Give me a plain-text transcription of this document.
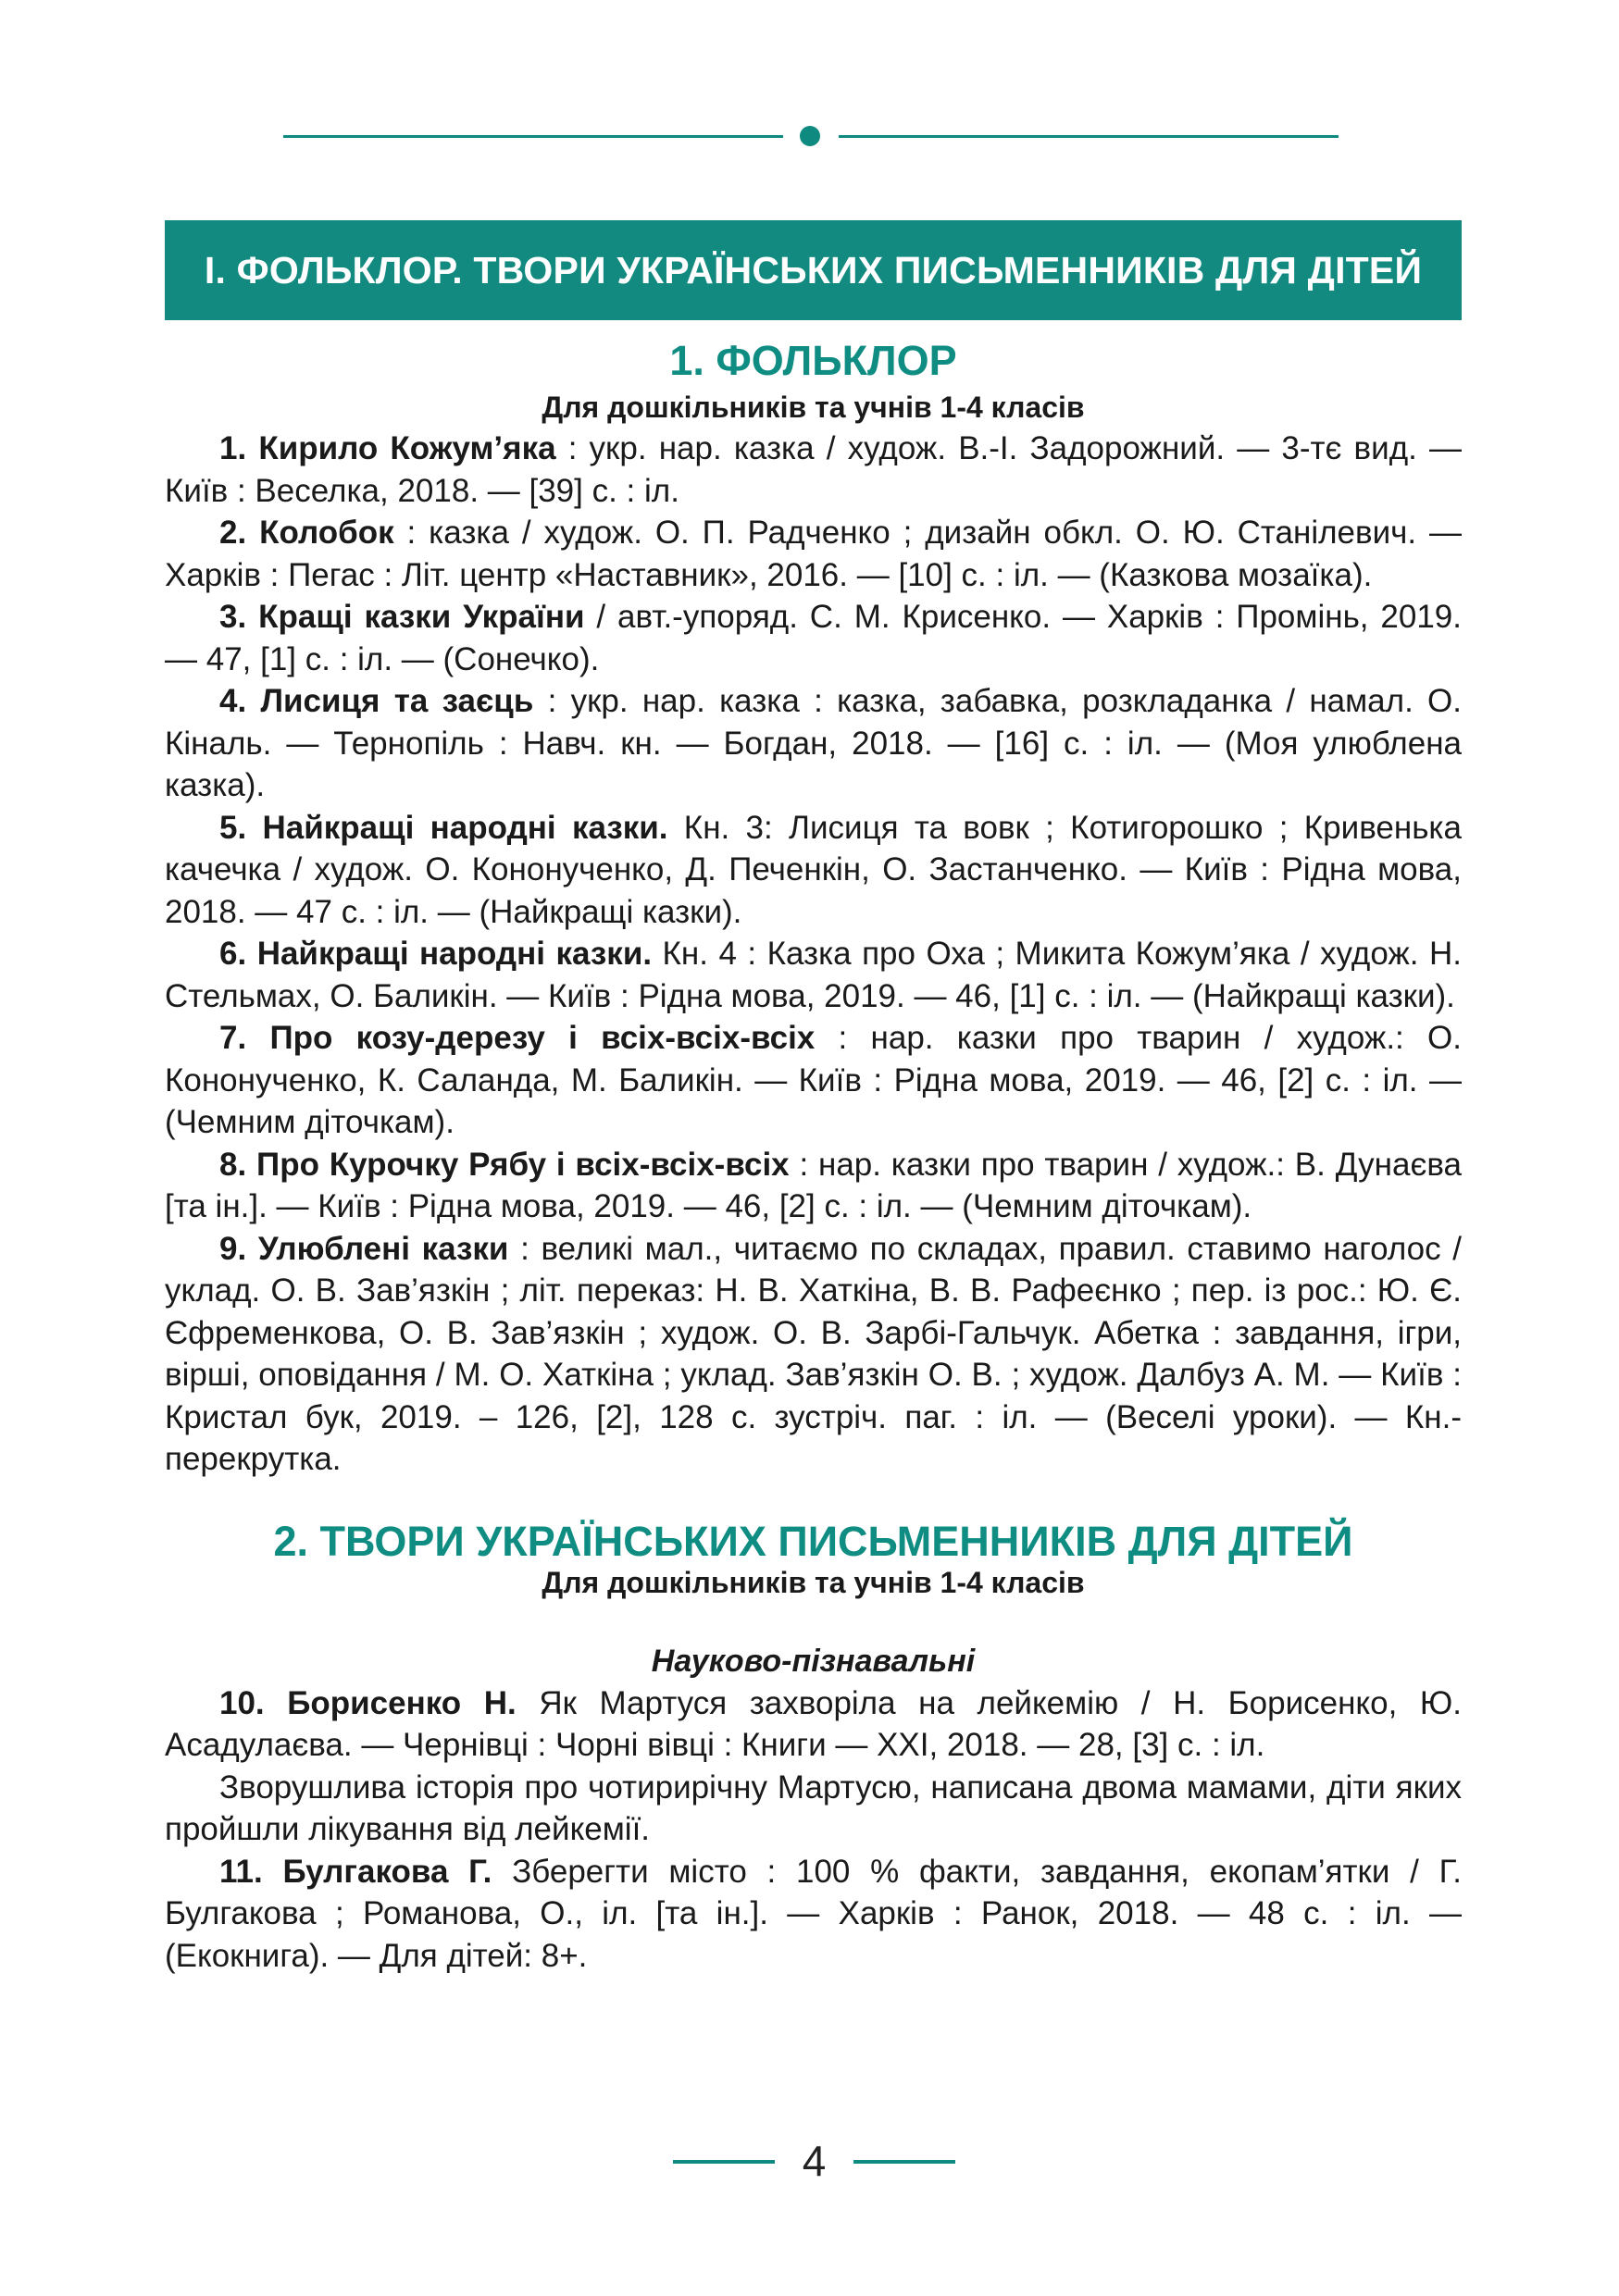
І. ФОЛЬКЛОР. ТВОРИ УКРАЇНСЬКИХ ПИСЬМЕННИКІВ ДЛЯ ДІТЕЙ
1. ФОЛЬКЛОР
Для дошкільників та учнів 1-4 класів

1. Кирило Кожум’яка : укр. нар. казка / худож. В.-І. Задорожний. — 3-тє вид. — Київ : Веселка, 2018. — [39] с. : іл.

2. Колобок : казка / худож. О. П. Радченко ; дизайн обкл. О. Ю. Станілевич. — Харків : Пегас : Літ. центр «Наставник», 2016. — [10] с. : іл. — (Казкова мозаїка).

3. Кращі казки України / авт.-упоряд. С. М. Крисенко. — Харків : Промінь, 2019. — 47, [1] с. : іл. — (Сонечко).

4. Лисиця та заєць : укр. нар. казка : казка, забавка, розкладанка / намал. О. Кіналь. — Тернопіль : Навч. кн. — Богдан, 2018. — [16] с. : іл. — (Моя улюблена казка).

5. Найкращі народні казки. Кн. 3: Лисиця та вовк ; Котигорошко ; Кривенька качечка / худож. О. Кононученко, Д. Печенкін, О. Застанченко. — Київ : Рідна мова, 2018. — 47 с. : іл. — (Найкращі казки).

6. Найкращі народні казки. Кн. 4 : Казка про Оха ; Микита Кожум’яка / худож. Н. Стельмах, О. Баликін. — Київ : Рідна мова, 2019. — 46, [1] с. : іл. — (Найкращі казки).

7. Про козу-дерезу і всіх-всіх-всіх : нар. казки про тварин / худож.: О. Кононученко, К. Саланда, М. Баликін. — Київ : Рідна мова, 2019. — 46, [2] с. : іл. — (Чемним діточкам).

8. Про Курочку Рябу і всіх-всіх-всіх : нар. казки про тварин / худож.: В. Дунаєва [та ін.]. — Київ : Рідна мова, 2019. — 46, [2] с. : іл. — (Чемним діточкам).

9. Улюблені казки : великі мал., читаємо по складах, правил. ставимо наголос / уклад. О. В. Зав’язкін ; літ. переказ: Н. В. Хаткіна, В. В. Рафеєнко ; пер. із рос.: Ю. Є. Єфременкова, О. В. Зав’язкін ; худож. О. В. Зарбі-Гальчук. Абетка : завдання, ігри, вірші, оповідання / М. О. Хаткіна ; уклад. Зав’язкін О. В. ; худож. Далбуз А. М. — Київ : Кристал бук, 2019. – 126, [2], 128 с. зустріч. паг. : іл. — (Веселі уроки). — Кн.-перекрутка.

2. ТВОРИ УКРАЇНСЬКИХ ПИСЬМЕННИКІВ ДЛЯ ДІТЕЙ
Для дошкільників та учнів 1-4 класів
Науково-пізнавальні

10. Борисенко Н. Як Мартуся захворіла на лейкемію / Н. Борисенко, Ю. Асадулаєва. — Чернівці : Чорні вівці : Книги — ХХІ, 2018. — 28, [3] с. : іл.

Зворушлива історія про чотирирічну Мартусю, написана двома мамами, діти яких пройшли лікування від лейкемії.

11. Булгакова Г. Зберегти місто : 100 % факти, завдання, екопам’ятки / Г. Булгакова ; Романова, О., іл. [та ін.]. — Харків : Ранок, 2018. — 48 с. : іл. — (Екокнига). — Для дітей: 8+.

4
